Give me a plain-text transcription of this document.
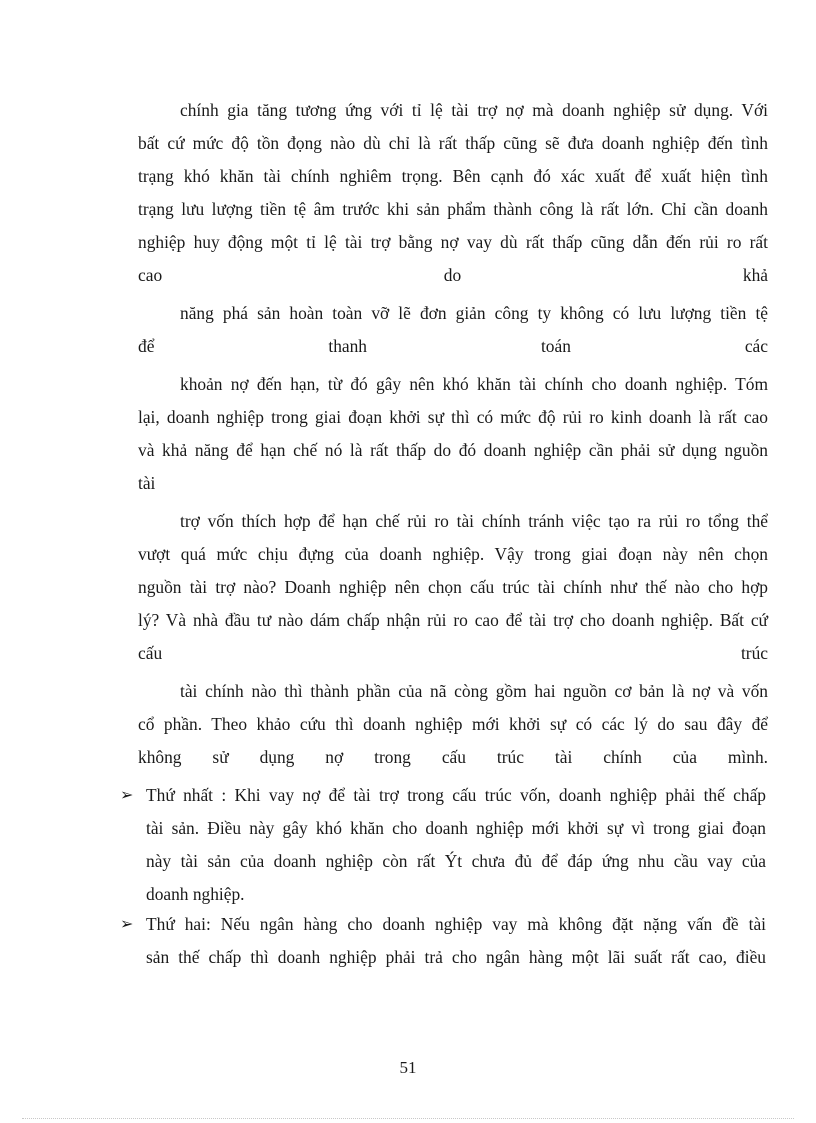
chính gia tăng tương ứng với tỉ lệ tài trợ nợ mà doanh nghiệp sử dụng. Với
bất cứ mức độ tồn đọng nào dù chỉ là rất thấp cũng sẽ đưa doanh nghiệp đến tình
trạng khó khăn tài chính nghiêm trọng. Bên cạnh đó xác xuất để xuất hiện tình
trạng lưu lượng tiền tệ âm trước khi sản phẩm thành công là rất lớn. Chỉ cần doanh
nghiệp huy động một tỉ lệ tài trợ bằng nợ vay dù rất thấp cũng dẫn đến rủi ro rất
cao do khả
năng phá sản hoàn toàn vỡ lẽ đơn giản công ty không có lưu lượng tiền tệ
để thanh toán các
khoản nợ đến hạn, từ đó gây nên khó khăn tài chính cho doanh nghiệp. Tóm
lại, doanh nghiệp trong giai đoạn khởi sự thì có mức độ rủi ro kinh doanh là rất cao
và khả năng để hạn chế nó là rất thấp do đó doanh nghiệp cần phải sử dụng nguồn
tài
trợ vốn thích hợp để hạn chế rủi ro tài chính tránh việc tạo ra rủi ro tổng thể
vượt quá mức chịu đựng của doanh nghiệp. Vậy trong giai đoạn này nên chọn
nguồn tài trợ nào? Doanh nghiệp nên chọn cấu trúc tài chính như thế nào cho hợp
lý? Và nhà đầu tư nào dám chấp nhận rủi ro cao để tài trợ cho doanh nghiệp. Bất cứ
cấu trúc
tài chính nào thì thành phần của nã còng gồm hai nguồn cơ bản là nợ và vốn
cổ phần. Theo khảo cứu thì doanh nghiệp mới khởi sự có các lý do sau đây để
không sử dụng nợ trong cấu trúc tài chính của mình.
➢ Thứ nhất : Khi vay nợ để tài trợ trong cấu trúc vốn, doanh nghiệp phải thế chấp
tài sản. Điều này gây khó khăn cho doanh nghiệp mới khởi sự vì trong giai đoạn
này tài sản của doanh nghiệp còn rất Ýt chưa đủ để đáp ứng nhu cầu vay của
doanh nghiệp.
➢ Thứ hai: Nếu ngân hàng cho doanh nghiệp vay mà không đặt nặng vấn đề tài
sản thế chấp thì doanh nghiệp phải trả cho ngân hàng một lãi suất rất cao, điều
51
